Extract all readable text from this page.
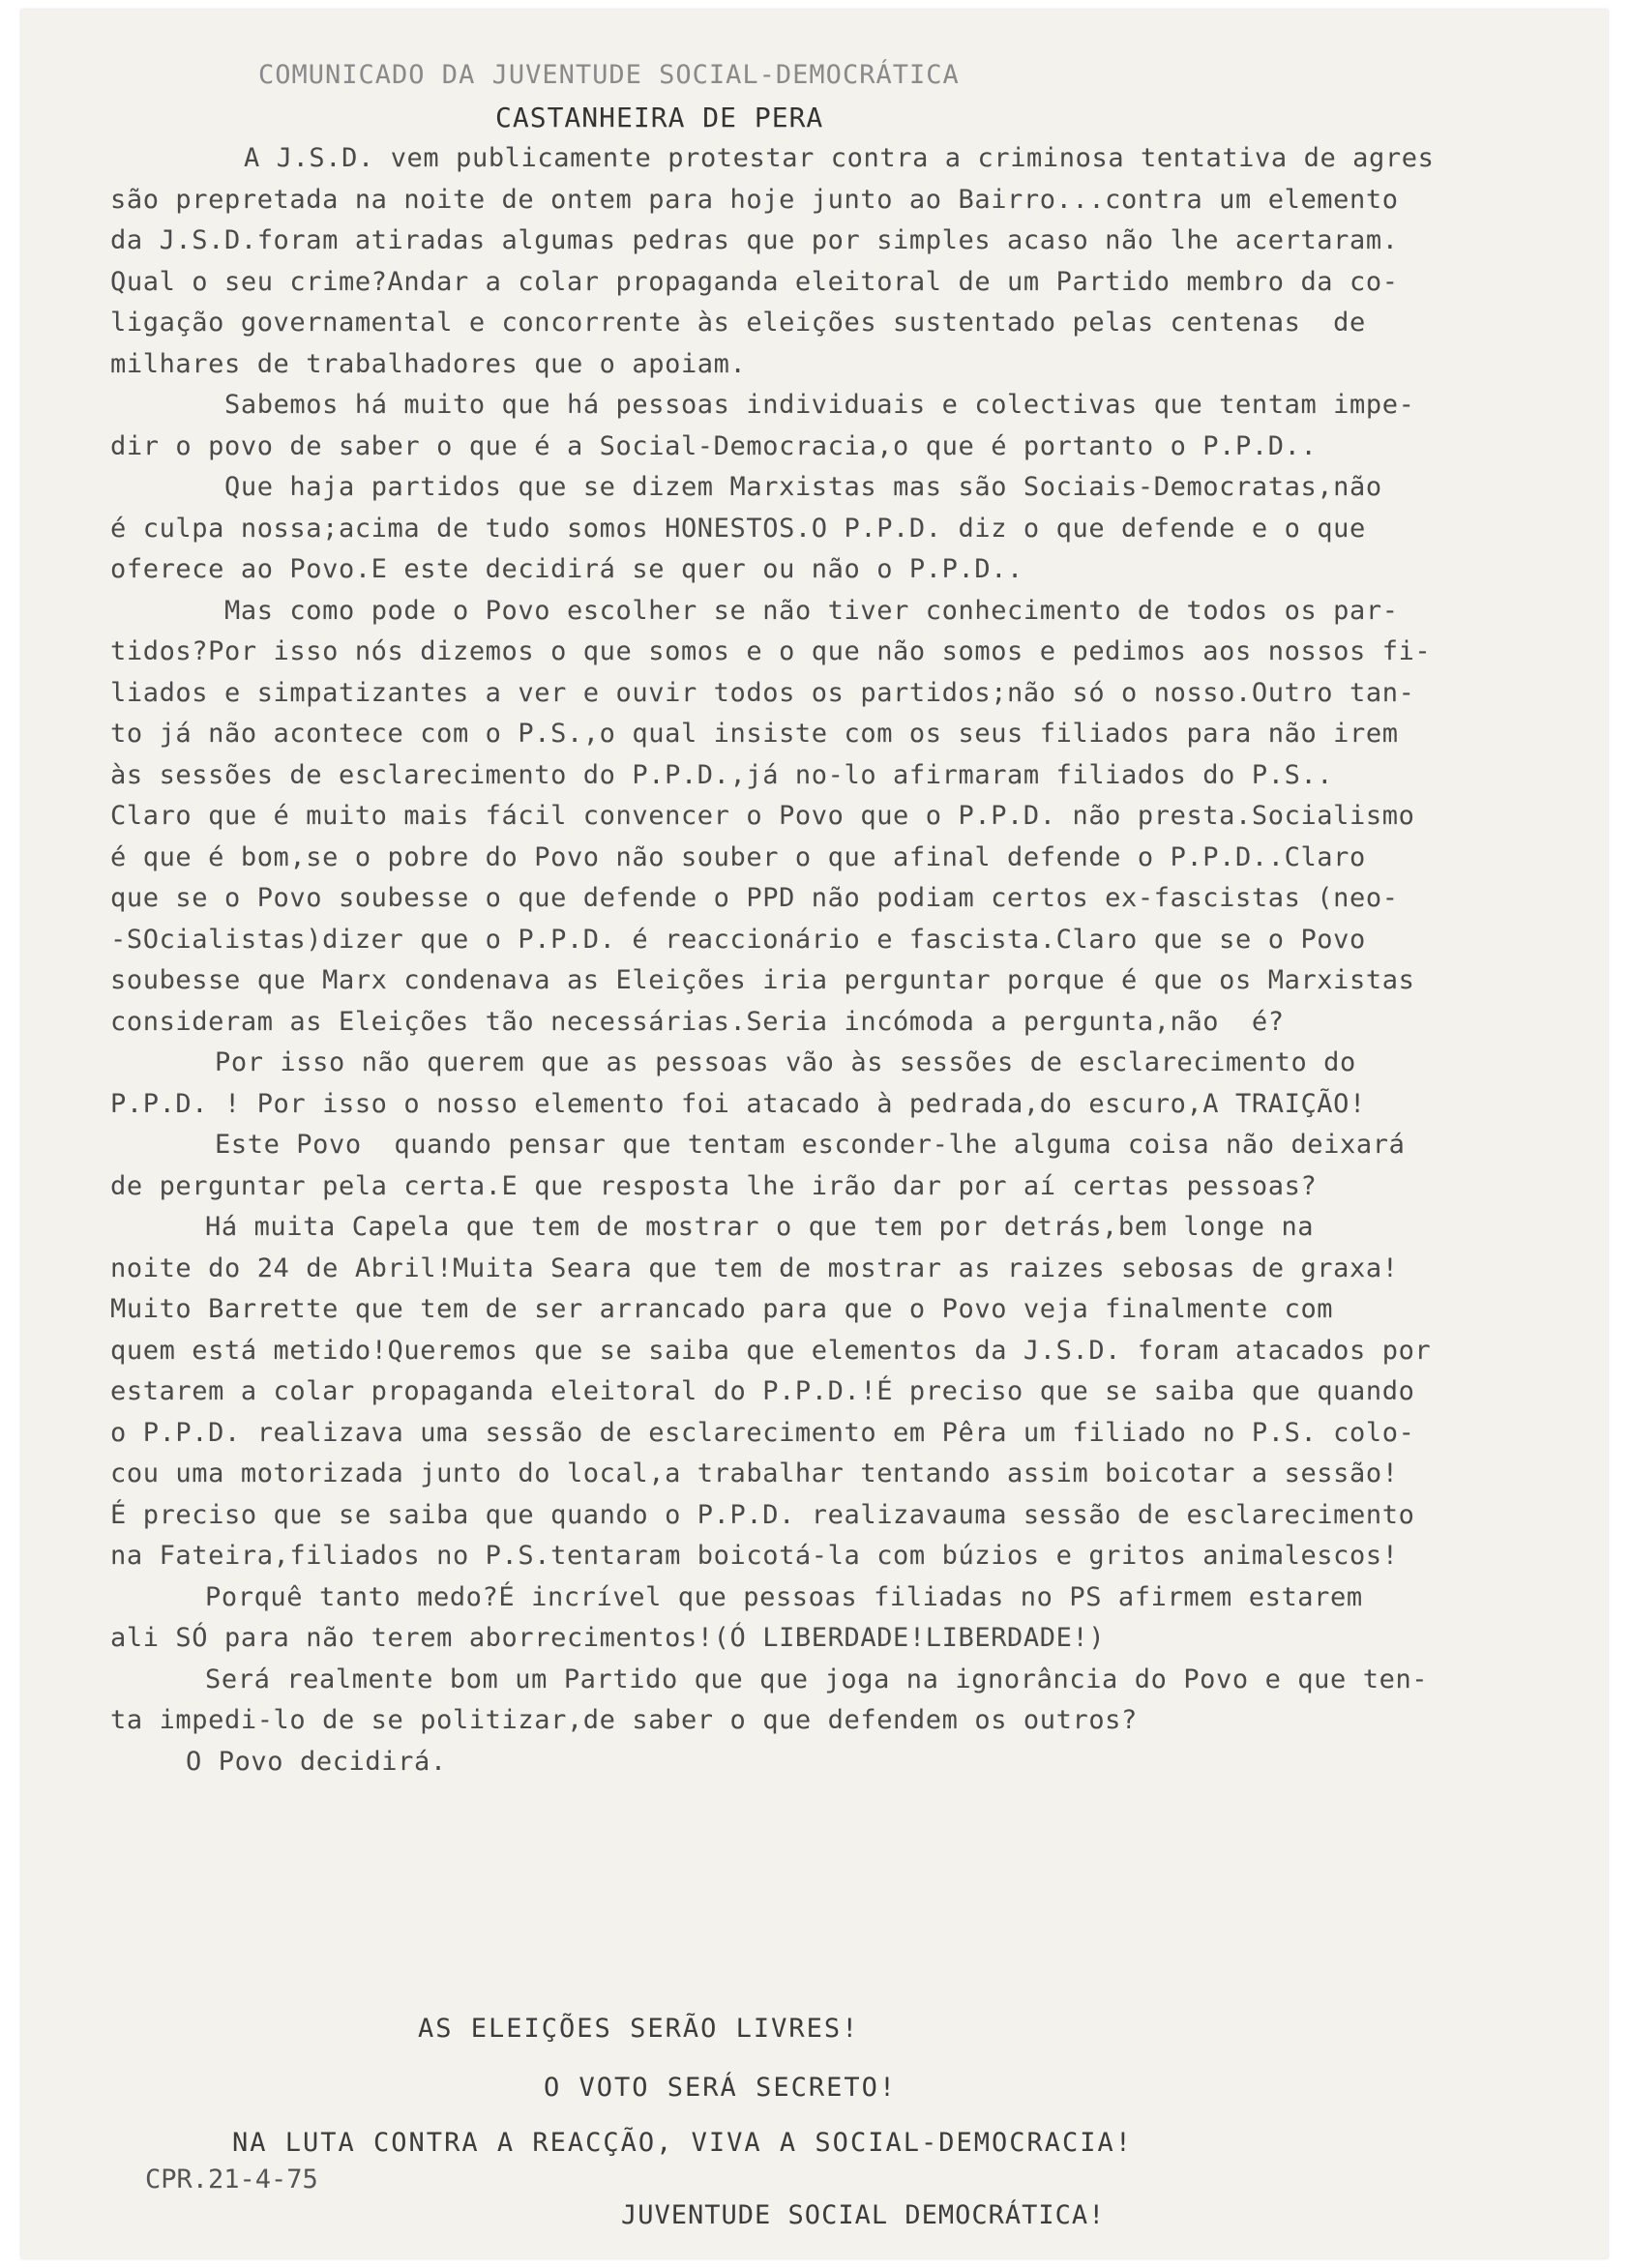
COMUNICADO DA JUVENTUDE SOCIAL-DEMOCRÁTICA
CASTANHEIRA DE PERA
A J.S.D. vem publicamente protestar contra a criminosa tentativa de agres
são prepretada na noite de ontem para hoje junto ao Bairro...contra um elemento
da J.S.D.foram atiradas algumas pedras que por simples acaso não lhe acertaram.
Qual o seu crime?Andar a colar propaganda eleitoral de um Partido membro da co-
ligação governamental e concorrente às eleições sustentado pelas centenas  de
milhares de trabalhadores que o apoiam.
Sabemos há muito que há pessoas individuais e colectivas que tentam impe-
dir o povo de saber o que é a Social-Democracia,o que é portanto o P.P.D..
Que haja partidos que se dizem Marxistas mas são Sociais-Democratas,não
é culpa nossa;acima de tudo somos HONESTOS.O P.P.D. diz o que defende e o que
oferece ao Povo.E este decidirá se quer ou não o P.P.D..
Mas como pode o Povo escolher se não tiver conhecimento de todos os par-
tidos?Por isso nós dizemos o que somos e o que não somos e pedimos aos nossos fi-
liados e simpatizantes a ver e ouvir todos os partidos;não só o nosso.Outro tan-
to já não acontece com o P.S.,o qual insiste com os seus filiados para não irem
às sessões de esclarecimento do P.P.D.,já no-lo afirmaram filiados do P.S..
Claro que é muito mais fácil convencer o Povo que o P.P.D. não presta.Socialismo
é que é bom,se o pobre do Povo não souber o que afinal defende o P.P.D..Claro
que se o Povo soubesse o que defende o PPD não podiam certos ex-fascistas (neo-
-SOcialistas)dizer que o P.P.D. é reaccionário e fascista.Claro que se o Povo
soubesse que Marx condenava as Eleições iria perguntar porque é que os Marxistas
consideram as Eleições tão necessárias.Seria incómoda a pergunta,não  é?
Por isso não querem que as pessoas vão às sessões de esclarecimento do
P.P.D. ! Por isso o nosso elemento foi atacado à pedrada,do escuro,A TRAIÇÃO!
Este Povo  quando pensar que tentam esconder-lhe alguma coisa não deixará
de perguntar pela certa.E que resposta lhe irão dar por aí certas pessoas?
Há muita Capela que tem de mostrar o que tem por detrás,bem longe na
noite do 24 de Abril!Muita Seara que tem de mostrar as raizes sebosas de graxa!
Muito Barrette que tem de ser arrancado para que o Povo veja finalmente com
quem está metido!Queremos que se saiba que elementos da J.S.D. foram atacados por
estarem a colar propaganda eleitoral do P.P.D.!É preciso que se saiba que quando
o P.P.D. realizava uma sessão de esclarecimento em Pêra um filiado no P.S. colo-
cou uma motorizada junto do local,a trabalhar tentando assim boicotar a sessão!
É preciso que se saiba que quando o P.P.D. realizavauma sessão de esclarecimento
na Fateira,filiados no P.S.tentaram boicotá-la com búzios e gritos animalescos!
Porquê tanto medo?É incrível que pessoas filiadas no PS afirmem estarem
ali SÓ para não terem aborrecimentos!(Ó LIBERDADE!LIBERDADE!)
Será realmente bom um Partido que que joga na ignorância do Povo e que ten-
ta impedi-lo de se politizar,de saber o que defendem os outros?
O Povo decidirá.
AS ELEIÇÕES SERÃO LIVRES!
O VOTO SERÁ SECRETO!
NA LUTA CONTRA A REACÇÃO, VIVA A SOCIAL-DEMOCRACIA!
CPR.21-4-75
JUVENTUDE SOCIAL DEMOCRÁTICA!
